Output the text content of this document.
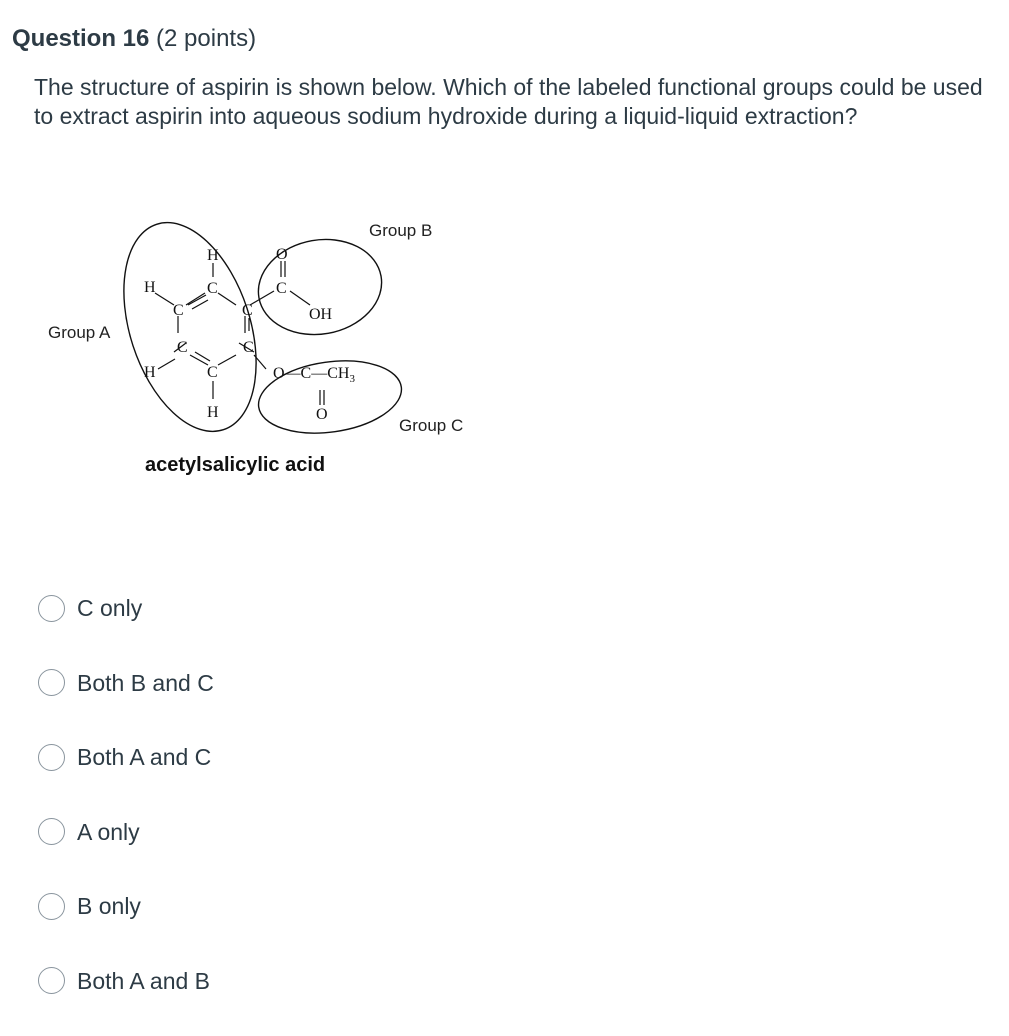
Question 16 (2 points)
The structure of aspirin is shown below. Which of the labeled functional groups could be used to extract aspirin into aqueous sodium hydroxide during a liquid-liquid extraction?
H	O
H	C	C
C	C	OH
C	C
H	C	$O—C—CH_3$
H	O
Group A
Group B
Group C
acetylsalicylic acid
C only
Both B and C
Both A and C
A only
B only
Both A and B
